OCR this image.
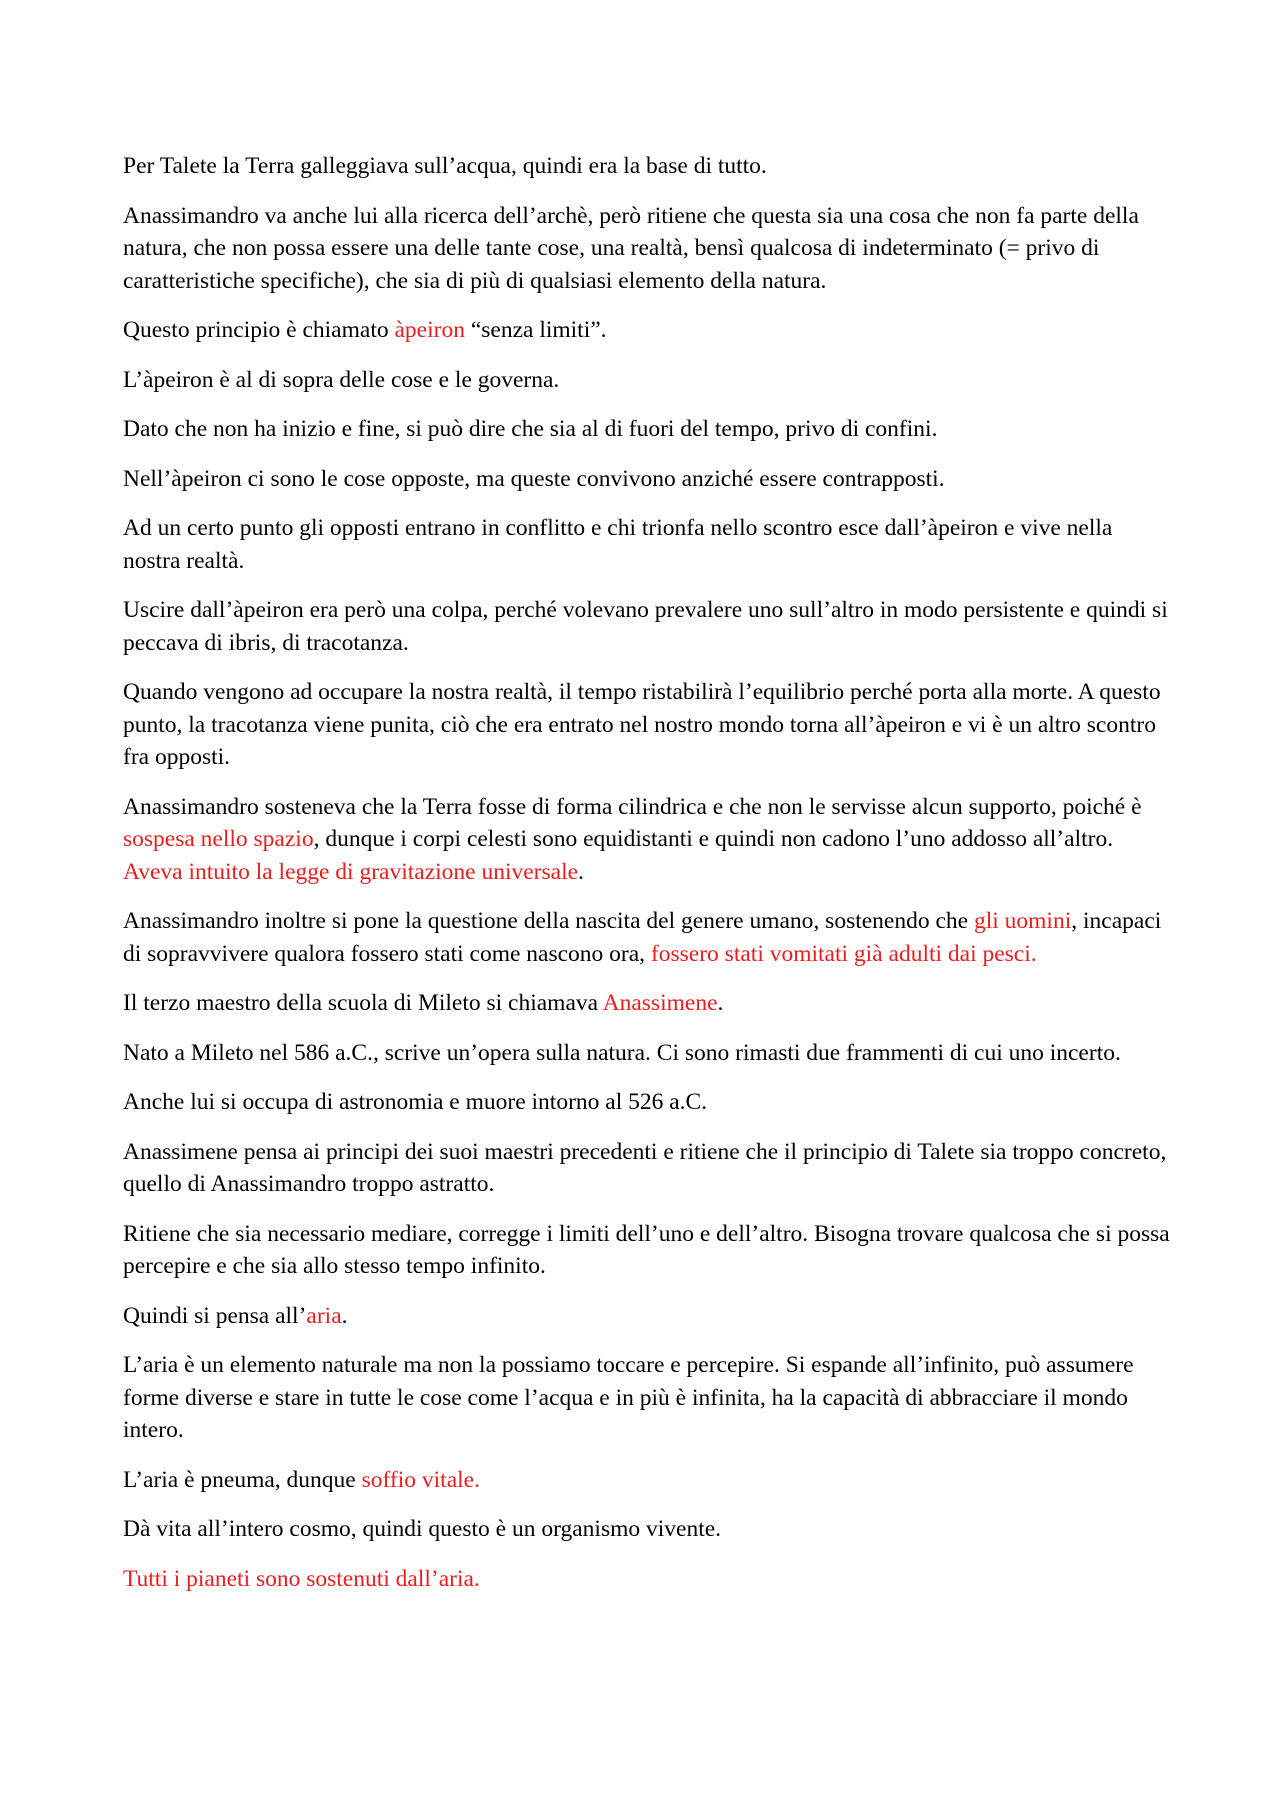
Per Talete la Terra galleggiava sull’acqua, quindi era la base di tutto.

Anassimandro va anche lui alla ricerca dell’archè, però ritiene che questa sia una cosa che non fa parte della natura, che non possa essere una delle tante cose, una realtà, bensì qualcosa di indeterminato (= privo di caratteristiche specifiche), che sia di più di qualsiasi elemento della natura.

Questo principio è chiamato àpeiron “senza limiti”.

L’àpeiron è al di sopra delle cose e le governa.

Dato che non ha inizio e fine, si può dire che sia al di fuori del tempo, privo di confini.

Nell’àpeiron ci sono le cose opposte, ma queste convivono anziché essere contrapposti.

Ad un certo punto gli opposti entrano in conflitto e chi trionfa nello scontro esce dall’àpeiron e vive nella nostra realtà.

Uscire dall’àpeiron era però una colpa, perché volevano prevalere uno sull’altro in modo persistente e quindi si peccava di ibris, di tracotanza.

Quando vengono ad occupare la nostra realtà, il tempo ristabilirà l’equilibrio perché porta alla morte. A questo punto, la tracotanza viene punita, ciò che era entrato nel nostro mondo torna all’àpeiron e vi è un altro scontro fra opposti.

Anassimandro sosteneva che la Terra fosse di forma cilindrica e che non le servisse alcun supporto, poiché è sospesa nello spazio, dunque i corpi celesti sono equidistanti e quindi non cadono l’uno addosso all’altro. Aveva intuito la legge di gravitazione universale.

Anassimandro inoltre si pone la questione della nascita del genere umano, sostenendo che gli uomini, incapaci di sopravvivere qualora fossero stati come nascono ora, fossero stati vomitati già adulti dai pesci.

Il terzo maestro della scuola di Mileto si chiamava Anassimene.

Nato a Mileto nel 586 a.C., scrive un’opera sulla natura. Ci sono rimasti due frammenti di cui uno incerto.

Anche lui si occupa di astronomia e muore intorno al 526 a.C.

Anassimene pensa ai principi dei suoi maestri precedenti e ritiene che il principio di Talete sia troppo concreto, quello di Anassimandro troppo astratto.

Ritiene che sia necessario mediare, corregge i limiti dell’uno e dell’altro. Bisogna trovare qualcosa che si possa percepire e che sia allo stesso tempo infinito.

Quindi si pensa all’aria.

L’aria è un elemento naturale ma non la possiamo toccare e percepire. Si espande all’infinito, può assumere forme diverse e stare in tutte le cose come l’acqua e in più è infinita, ha la capacità di abbracciare il mondo intero.

L’aria è pneuma, dunque soffio vitale.

Dà vita all’intero cosmo, quindi questo è un organismo vivente.

Tutti i pianeti sono sostenuti dall’aria.
